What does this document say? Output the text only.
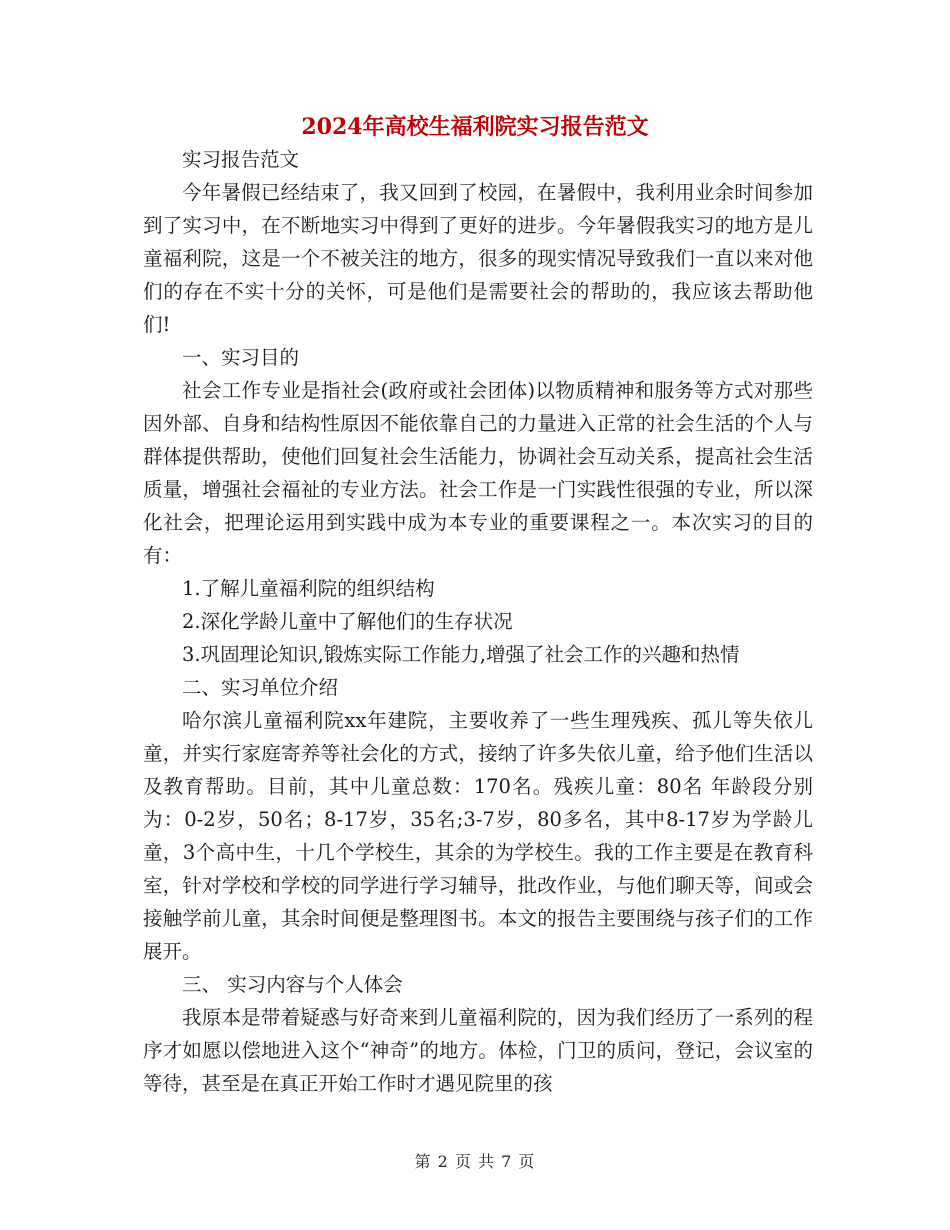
2024年高校生福利院实习报告范文

实习报告范文

今年暑假已经结束了，我又回到了校园，在暑假中，我利用业余时间参加到了实习中，在不断地实习中得到了更好的进步。今年暑假我实习的地方是儿童福利院，这是一个不被关注的地方，很多的现实情况导致我们一直以来对他们的存在不实十分的关怀，可是他们是需要社会的帮助的，我应该去帮助他们!

一、实习目的

社会工作专业是指社会(政府或社会团体)以物质精神和服务等方式对那些因外部、自身和结构性原因不能依靠自己的力量进入正常的社会生活的个人与群体提供帮助，使他们回复社会生活能力，协调社会互动关系，提高社会生活质量，增强社会福祉的专业方法。社会工作是一门实践性很强的专业，所以深化社会，把理论运用到实践中成为本专业的重要课程之一。本次实习的目的有：

1.了解儿童福利院的组织结构

2.深化学龄儿童中了解他们的生存状况

3.巩固理论知识,锻炼实际工作能力,增强了社会工作的兴趣和热情

二、实习单位介绍

哈尔滨儿童福利院xx年建院，主要收养了一些生理残疾、孤儿等失依儿童，并实行家庭寄养等社会化的方式，接纳了许多失依儿童，给予他们生活以及教育帮助。目前，其中儿童总数：170名。残疾儿童：80名 年龄段分别为：0-2岁，50名；8-17岁，35名;3-7岁，80多名，其中8-17岁为学龄儿童，3个高中生，十几个学校生，其余的为学校生。我的工作主要是在教育科室，针对学校和学校的同学进行学习辅导，批改作业，与他们聊天等，间或会接触学前儿童，其余时间便是整理图书。本文的报告主要围绕与孩子们的工作展开。

三、 实习内容与个人体会

我原本是带着疑惑与好奇来到儿童福利院的，因为我们经历了一系列的程序才如愿以偿地进入这个“神奇”的地方。体检，门卫的质问，登记，会议室的等待，甚至是在真正开始工作时才遇见院里的孩

第 2 页 共 7 页
